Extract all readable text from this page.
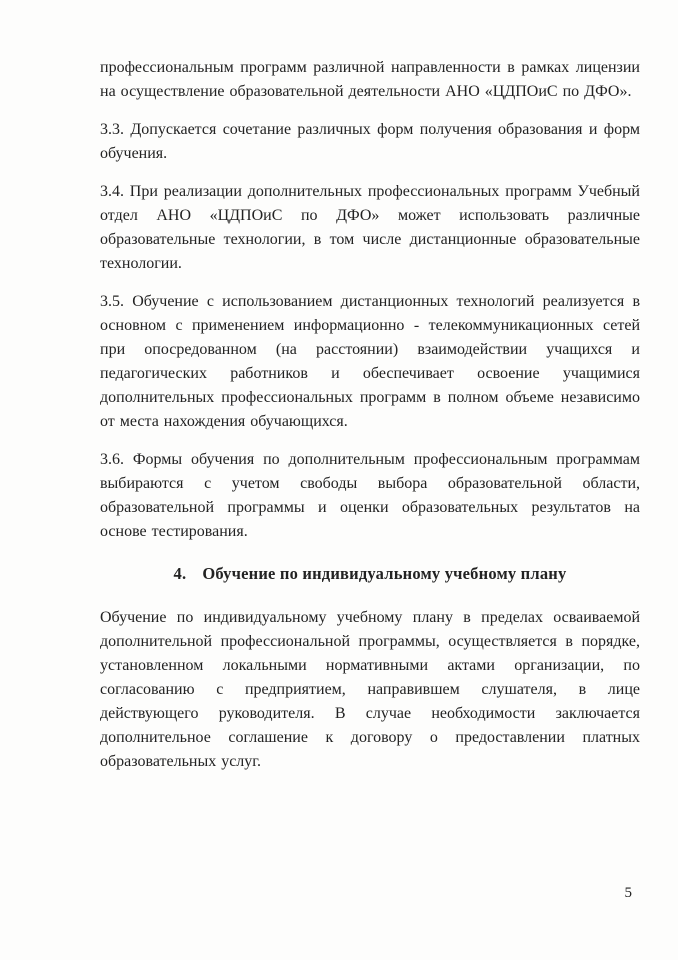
профессиональным программ различной направленности в рамках лицензии на осуществление образовательной деятельности АНО «ЦДПОиС по ДФО».

3.3. Допускается сочетание различных форм получения образования и форм обучения.

3.4. При реализации дополнительных профессиональных программ Учебный отдел АНО «ЦДПОиС по ДФО» может использовать различные образовательные технологии, в том числе дистанционные образовательные технологии.

3.5. Обучение с использованием дистанционных технологий реализуется в основном с применением информационно - телекоммуникационных сетей при опосредованном (на расстоянии) взаимодействии учащихся и педагогических работников и обеспечивает освоение учащимися дополнительных профессиональных программ в полном объеме независимо от места нахождения обучающихся.

3.6. Формы обучения по дополнительным профессиональным программам выбираются с учетом свободы выбора образовательной области, образовательной программы и оценки образовательных результатов на основе тестирования.

4. Обучение по индивидуальному учебному плану

Обучение по индивидуальному учебному плану в пределах осваиваемой дополнительной профессиональной программы, осуществляется в порядке, установленном локальными нормативными актами организации, по согласованию с предприятием, направившем слушателя, в лице действующего руководителя. В случае необходимости заключается дополнительное соглашение к договору о предоставлении платных образовательных услуг.

5
